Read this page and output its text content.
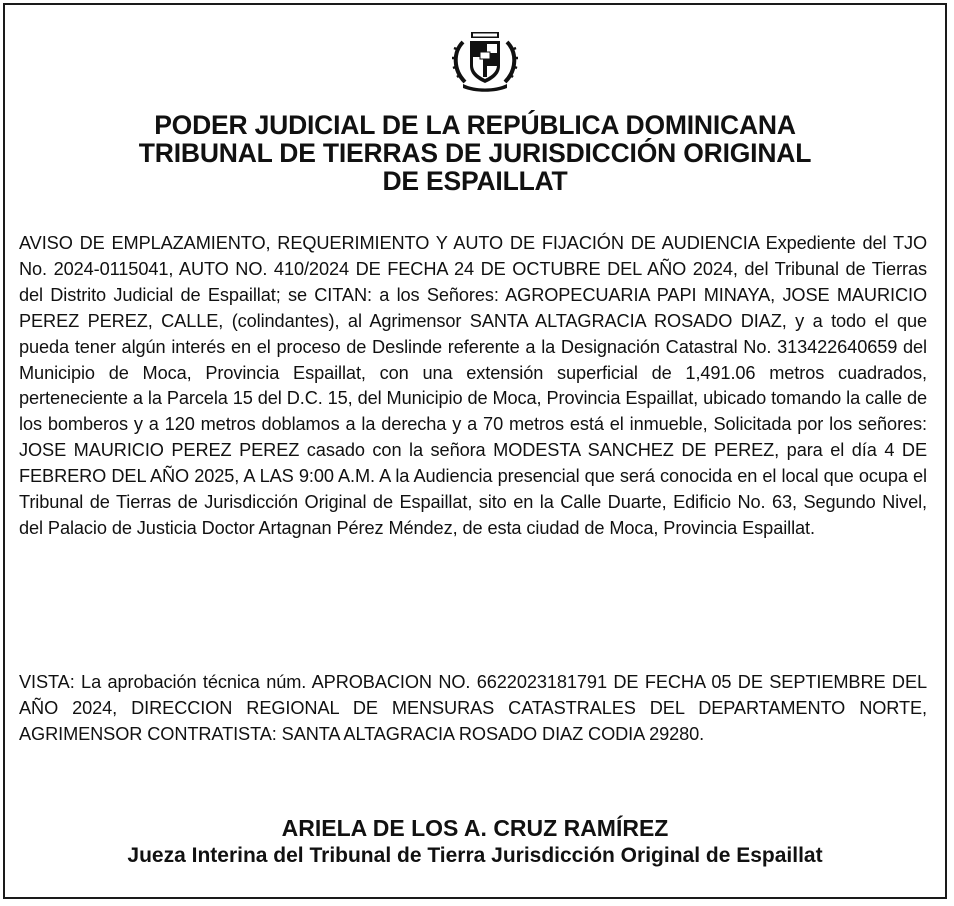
PODER JUDICIAL DE LA REPÚBLICA DOMINICANA
TRIBUNAL DE TIERRAS DE JURISDICCIÓN ORIGINAL
DE ESPAILLAT
AVISO DE EMPLAZAMIENTO, REQUERIMIENTO Y AUTO DE FIJACIÓN DE AUDIENCIA Expediente del TJO No. 2024-0115041, AUTO NO. 410/2024 DE FECHA 24 DE OCTUBRE DEL AÑO 2024, del Tribunal de Tierras del Distrito Judicial de Espaillat; se CITAN: a los Señores: AGROPECUARIA PAPI MINAYA, JOSE MAURICIO PEREZ PEREZ, CALLE, (colindantes), al Agrimensor SANTA ALTAGRACIA ROSADO DIAZ, y a todo el que pueda tener algún interés en el proceso de Deslinde referente a la Designación Catastral No. 313422640659 del Municipio de Moca, Provincia Espaillat, con una extensión superficial de 1,491.06 metros cuadrados, perteneciente a la Parcela 15 del D.C. 15, del Municipio de Moca, Provincia Espaillat, ubicado tomando la calle de los bomberos y a 120 metros doblamos a la derecha y a 70 metros está el inmueble, Solicitada por los señores: JOSE MAURICIO PEREZ PEREZ casado con la señora MODESTA SANCHEZ DE PEREZ, para el día 4 DE FEBRERO DEL AÑO 2025, A LAS 9:00 A.M. A la Audiencia presencial que será conocida en el local que ocupa el Tribunal de Tierras de Jurisdicción Original de Espaillat, sito en la Calle Duarte, Edificio No. 63, Segundo Nivel, del Palacio de Justicia Doctor Artagnan Pérez Méndez, de esta ciudad de Moca, Provincia Espaillat.
VISTA: La aprobación técnica núm. APROBACION NO. 6622023181791 DE FECHA 05 DE SEPTIEMBRE DEL AÑO 2024, DIRECCION REGIONAL DE MENSURAS CATASTRALES DEL DEPARTAMENTO NORTE, AGRIMENSOR CONTRATISTA: SANTA ALTAGRACIA ROSADO DIAZ CODIA 29280.
ARIELA DE LOS A. CRUZ RAMÍREZ
Jueza Interina del Tribunal de Tierra Jurisdicción Original de Espaillat
